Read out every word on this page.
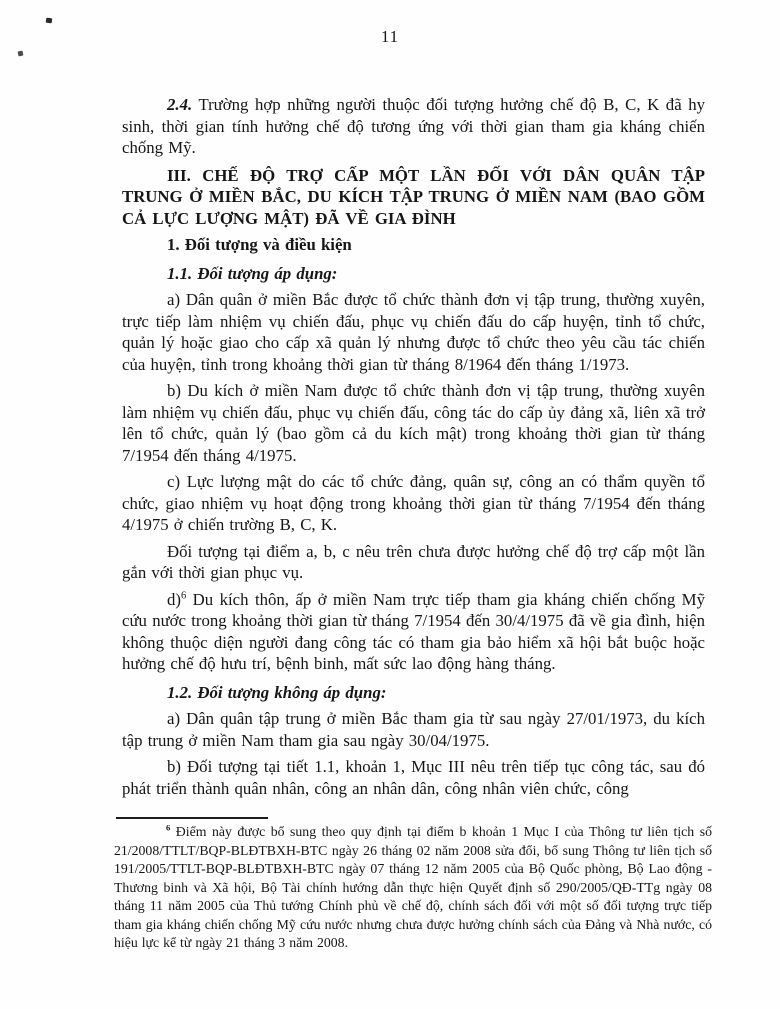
11

2.4. Trường hợp những người thuộc đối tượng hưởng chế độ B, C, K đã hy sinh, thời gian tính hưởng chế độ tương ứng với thời gian tham gia kháng chiến chống Mỹ.

III. CHẾ ĐỘ TRỢ CẤP MỘT LẦN ĐỐI VỚI DÂN QUÂN TẬP TRUNG Ở MIỀN BẮC, DU KÍCH TẬP TRUNG Ở MIỀN NAM (BAO GỒM CẢ LỰC LƯỢNG MẬT) ĐÃ VỀ GIA ĐÌNH

1. Đối tượng và điều kiện

1.1. Đối tượng áp dụng:

a) Dân quân ở miền Bắc được tổ chức thành đơn vị tập trung, thường xuyên, trực tiếp làm nhiệm vụ chiến đấu, phục vụ chiến đấu do cấp huyện, tỉnh tổ chức, quản lý hoặc giao cho cấp xã quản lý nhưng được tổ chức theo yêu cầu tác chiến của huyện, tỉnh trong khoảng thời gian từ tháng 8/1964 đến tháng 1/1973.

b) Du kích ở miền Nam được tổ chức thành đơn vị tập trung, thường xuyên làm nhiệm vụ chiến đấu, phục vụ chiến đấu, công tác do cấp ủy đảng xã, liên xã trở lên tổ chức, quản lý (bao gồm cả du kích mật) trong khoảng thời gian từ tháng 7/1954 đến tháng 4/1975.

c) Lực lượng mật do các tổ chức đảng, quân sự, công an có thẩm quyền tổ chức, giao nhiệm vụ hoạt động trong khoảng thời gian từ tháng 7/1954 đến tháng 4/1975 ở chiến trường B, C, K.

Đối tượng tại điểm a, b, c nêu trên chưa được hưởng chế độ trợ cấp một lần gắn với thời gian phục vụ.

d)$^6$ Du kích thôn, ấp ở miền Nam trực tiếp tham gia kháng chiến chống Mỹ cứu nước trong khoảng thời gian từ tháng 7/1954 đến 30/4/1975 đã về gia đình, hiện không thuộc diện người đang công tác có tham gia bảo hiểm xã hội bắt buộc hoặc hưởng chế độ hưu trí, bệnh binh, mất sức lao động hàng tháng.

1.2. Đối tượng không áp dụng:

a) Dân quân tập trung ở miền Bắc tham gia từ sau ngày 27/01/1973, du kích tập trung ở miền Nam tham gia sau ngày 30/04/1975.

b) Đối tượng tại tiết 1.1, khoản 1, Mục III nêu trên tiếp tục công tác, sau đó phát triển thành quân nhân, công an nhân dân, công nhân viên chức, công

$^6$ Điểm này được bổ sung theo quy định tại điểm b khoản 1 Mục I của Thông tư liên tịch số 21/2008/TTLT/BQP-BLĐTBXH-BTC ngày 26 tháng 02 năm 2008 sửa đổi, bổ sung Thông tư liên tịch số 191/2005/TTLT-BQP-BLĐTBXH-BTC ngày 07 tháng 12 năm 2005 của Bộ Quốc phòng, Bộ Lao động - Thương binh và Xã hội, Bộ Tài chính hướng dẫn thực hiện Quyết định số 290/2005/QĐ-TTg ngày 08 tháng 11 năm 2005 của Thủ tướng Chính phủ về chế độ, chính sách đối với một số đối tượng trực tiếp tham gia kháng chiến chống Mỹ cứu nước nhưng chưa được hưởng chính sách của Đảng và Nhà nước, có hiệu lực kể từ ngày 21 tháng 3 năm 2008.
